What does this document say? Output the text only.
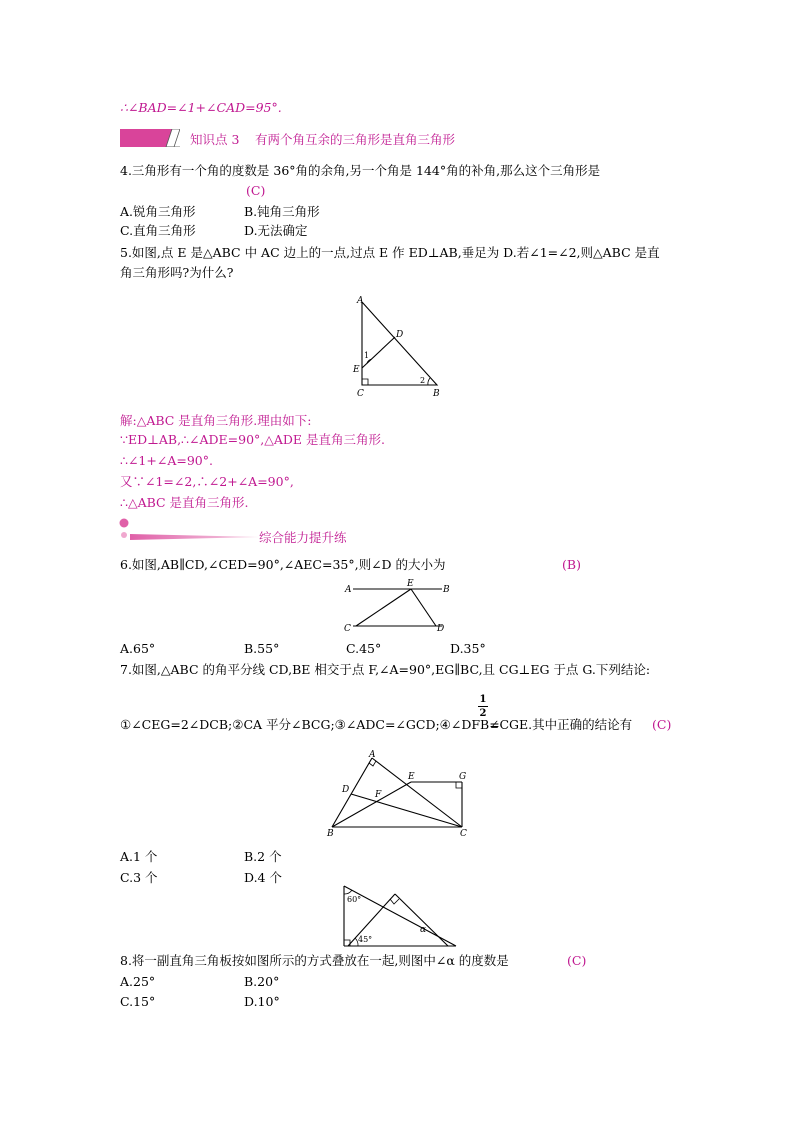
∴∠BAD=∠1+∠CAD=95°.
知识点 3 有两个角互余的三角形是直角三角形
4.三角形有一个角的度数是 36°角的余角,另一个角是 144°角的补角,那么这个三角形是
(C)
A.锐角三角形	B.钝角三角形
C.直角三角形	D.无法确定
5.如图,点 E 是△ABC 中 AC 边上的一点,过点 E 作 ED⊥AB,垂足为 D.若∠1=∠2,则△ABC 是直
角三角形吗?为什么?
A
D
1
E
2
C	B
解:△ABC 是直角三角形.理由如下:
∵ED⊥AB,∴∠ADE=90°,△ADE 是直角三角形.
∴∠1+∠A=90°.
又∵∠1=∠2,∴∠2+∠A=90°,
∴△ABC 是直角三角形.
综合能力提升练
6.如图,AB∥CD,∠CED=90°,∠AEC=35°,则∠D 的大小为	(B)
A
E
B
C	D
A.65°	B.55°	C.45°	D.35°
7.如图,△ABC 的角平分线 CD,BE 相交于点 F,∠A=90°,EG∥BC,且 CG⊥EG 于点 G.下列结论:
1
2
①∠CEG=2∠DCB;②CA 平分∠BCG;③∠ADC=∠GCD;④∠DFB=
∠CGE.其中正确的结论有 (C)
A
E	G
D	F
B	C
A.1 个	B.2 个
C.3 个	D.4 个
60°
α
45°
8.将一副直角三角板按如图所示的方式叠放在一起,则图中∠α 的度数是	(C)
A.25°	B.20°
C.15°	D.10°
